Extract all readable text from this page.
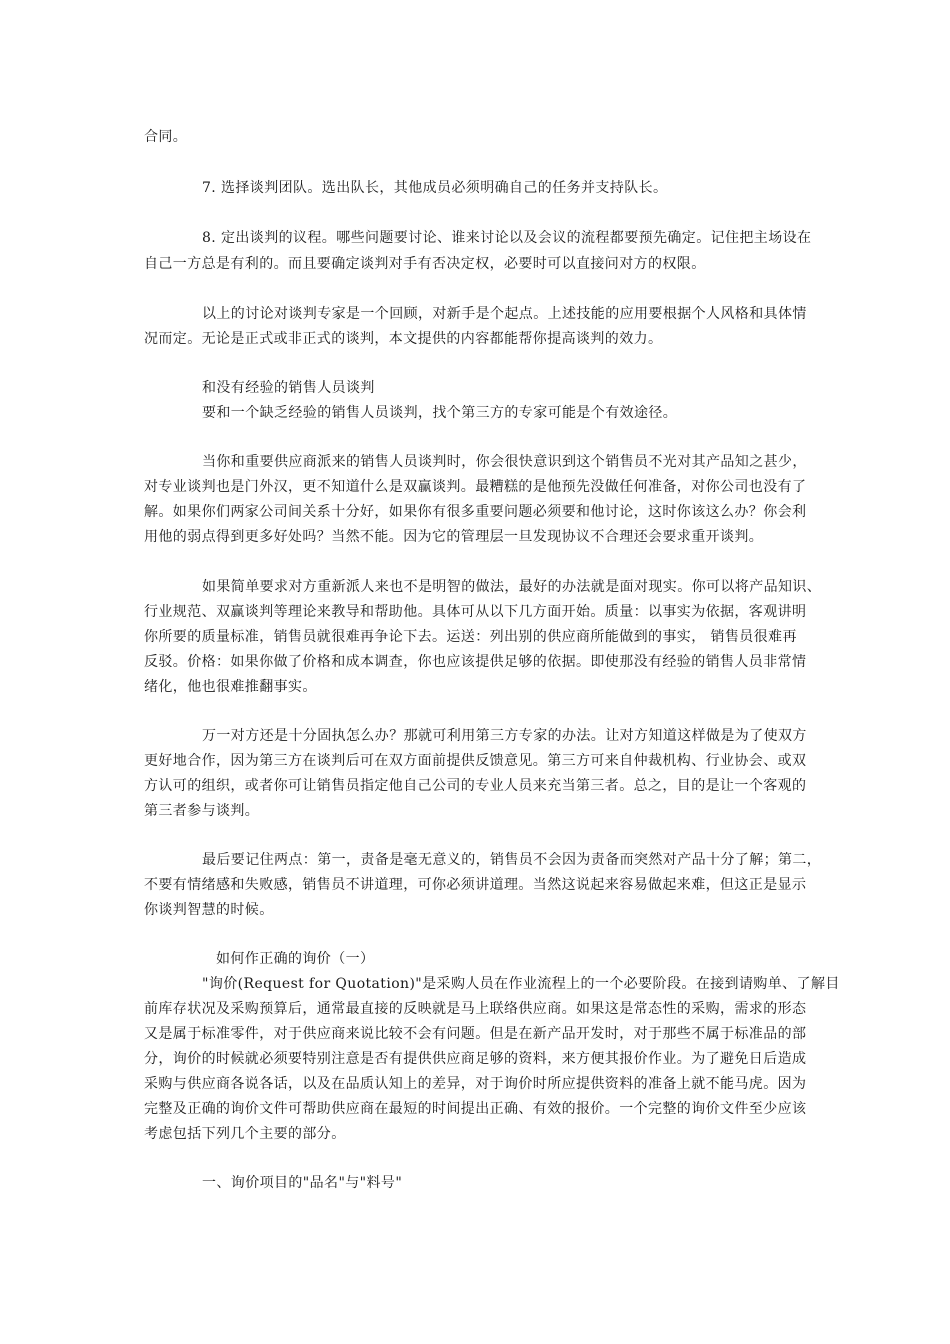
合同。
7. 选择谈判团队。选出队长，其他成员必须明确自己的任务并支持队长。
8. 定出谈判的议程。哪些问题要讨论、谁来讨论以及会议的流程都要预先确定。记住把主场设在
自己一方总是有利的。而且要确定谈判对手有否决定权，必要时可以直接问对方的权限。
以上的讨论对谈判专家是一个回顾，对新手是个起点。上述技能的应用要根据个人风格和具体情
况而定。无论是正式或非正式的谈判，本文提供的内容都能帮你提高谈判的效力。
和没有经验的销售人员谈判
要和一个缺乏经验的销售人员谈判，找个第三方的专家可能是个有效途径。
当你和重要供应商派来的销售人员谈判时，你会很快意识到这个销售员不光对其产品知之甚少，
对专业谈判也是门外汉，更不知道什么是双赢谈判。最糟糕的是他预先没做任何准备，对你公司也没有了
解。如果你们两家公司间关系十分好，如果你有很多重要问题必须要和他讨论，这时你该这么办？你会利
用他的弱点得到更多好处吗？当然不能。因为它的管理层一旦发现协议不合理还会要求重开谈判。
如果简单要求对方重新派人来也不是明智的做法，最好的办法就是面对现实。你可以将产品知识、
行业规范、双赢谈判等理论来教导和帮助他。具体可从以下几方面开始。质量：以事实为依据，客观讲明
你所要的质量标准，销售员就很难再争论下去。运送：列出别的供应商所能做到的事实， 销售员很难再
反驳。价格：如果你做了价格和成本调查，你也应该提供足够的依据。即使那没有经验的销售人员非常情
绪化，他也很难推翻事实。
万一对方还是十分固执怎么办？那就可利用第三方专家的办法。让对方知道这样做是为了使双方
更好地合作，因为第三方在谈判后可在双方面前提供反馈意见。第三方可来自仲裁机构、行业协会、或双
方认可的组织，或者你可让销售员指定他自己公司的专业人员来充当第三者。总之，目的是让一个客观的
第三者参与谈判。
最后要记住两点：第一，责备是毫无意义的，销售员不会因为责备而突然对产品十分了解；第二，
不要有情绪感和失败感，销售员不讲道理，可你必须讲道理。当然这说起来容易做起来难，但这正是显示
你谈判智慧的时候。
如何作正确的询价（一）
"询价(Request for Quotation)"是采购人员在作业流程上的一个必要阶段。在接到请购单、了解目
前库存状况及采购预算后，通常最直接的反映就是马上联络供应商。如果这是常态性的采购，需求的形态
又是属于标准零件，对于供应商来说比较不会有问题。但是在新产品开发时，对于那些不属于标准品的部
分，询价的时候就必须要特别注意是否有提供供应商足够的资料，来方便其报价作业。为了避免日后造成
采购与供应商各说各话，以及在品质认知上的差异，对于询价时所应提供资料的准备上就不能马虎。因为
完整及正确的询价文件可帮助供应商在最短的时间提出正确、有效的报价。一个完整的询价文件至少应该
考虑包括下列几个主要的部分。
一、询价项目的"品名"与"料号"
